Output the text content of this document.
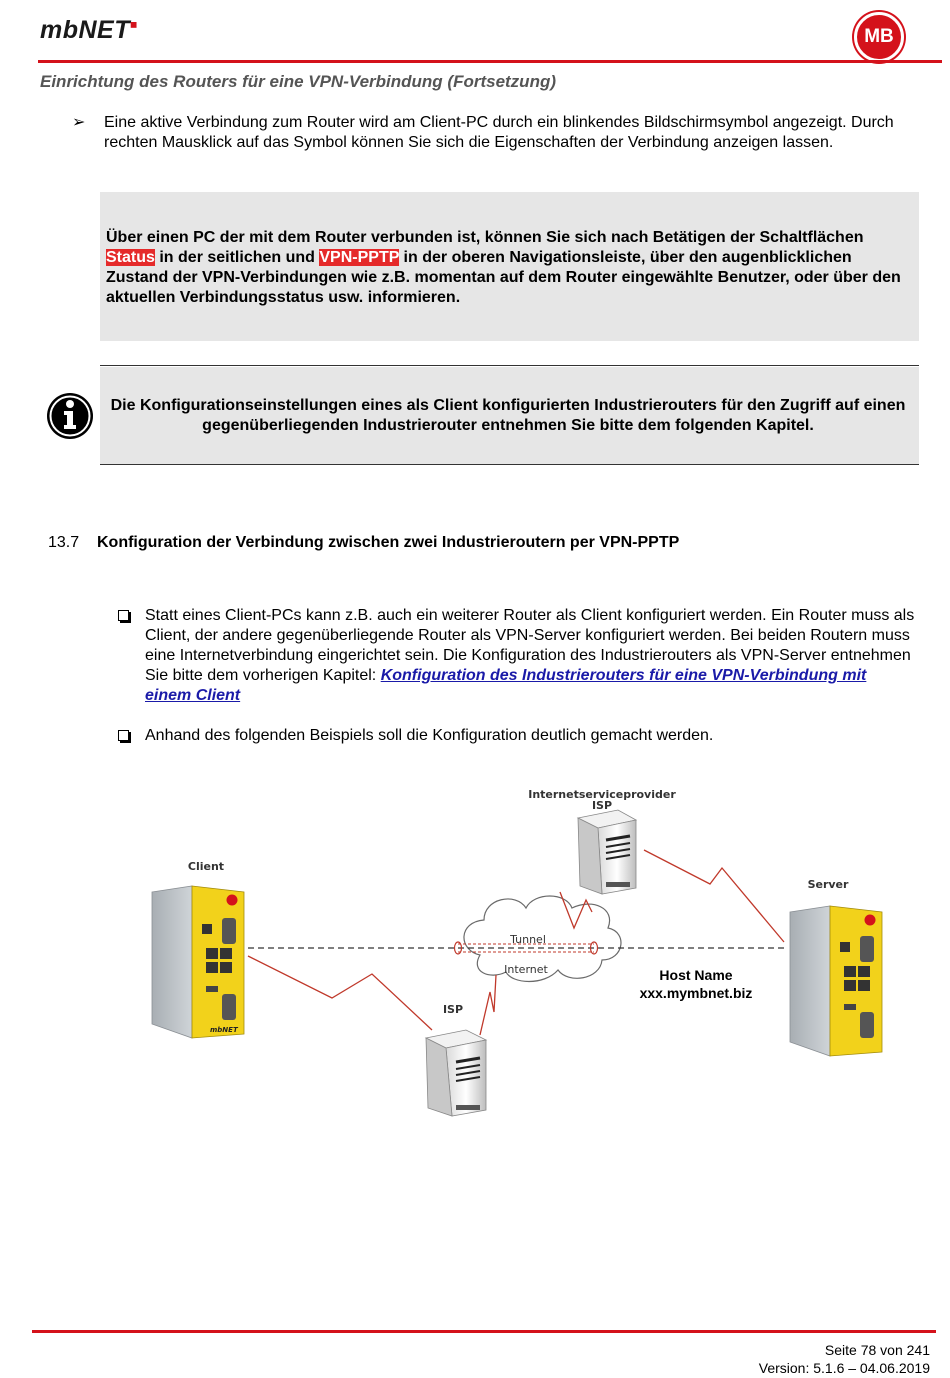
mbNET■
MB
Einrichtung des Routers für eine VPN-Verbindung (Fortsetzung)
➢ Eine aktive Verbindung zum Router wird am Client-PC durch ein blinkendes Bildschirmsymbol angezeigt. Durch rechten Mausklick auf das Symbol können Sie sich die Eigenschaften der Verbindung anzeigen lassen.
Über einen PC der mit dem Router verbunden ist, können Sie sich nach Betätigen der Schaltflächen Status in der seitlichen und VPN-PPTP in der oberen Navigationsleiste, über den augenblicklichen Zustand der VPN-Verbindungen wie z.B. momentan auf dem Router eingewählte Benutzer, oder über den aktuellen Verbindungsstatus usw. informieren.
Die Konfigurationseinstellungen eines als Client konfigurierten Industrierouters für den Zugriff auf einen gegenüberliegenden Industrierouter entnehmen Sie bitte dem folgenden Kapitel.
13.7 Konfiguration der Verbindung zwischen zwei Industrieroutern per VPN-PPTP
Statt eines Client-PCs kann z.B. auch ein weiterer Router als Client konfiguriert werden. Ein Router muss als Client, der andere gegenüberliegende Router als VPN-Server konfiguriert werden. Bei beiden Routern muss eine Internetverbindung eingerichtet sein. Die Konfiguration des Industrierouters als VPN-Server entnehmen Sie bitte dem vorherigen Kapitel: Konfiguration des Industrierouters für eine VPN-Verbindung mit einem Client
Anhand des folgenden Beispiels soll die Konfiguration deutlich gemacht werden.
Internetserviceprovider
ISP
Client
Server
ISP
Tunnel
Internet	Host Name
xxx.mymbnet.biz
mbNET
Seite 78 von 241
Version: 5.1.6 – 04.06.2019
